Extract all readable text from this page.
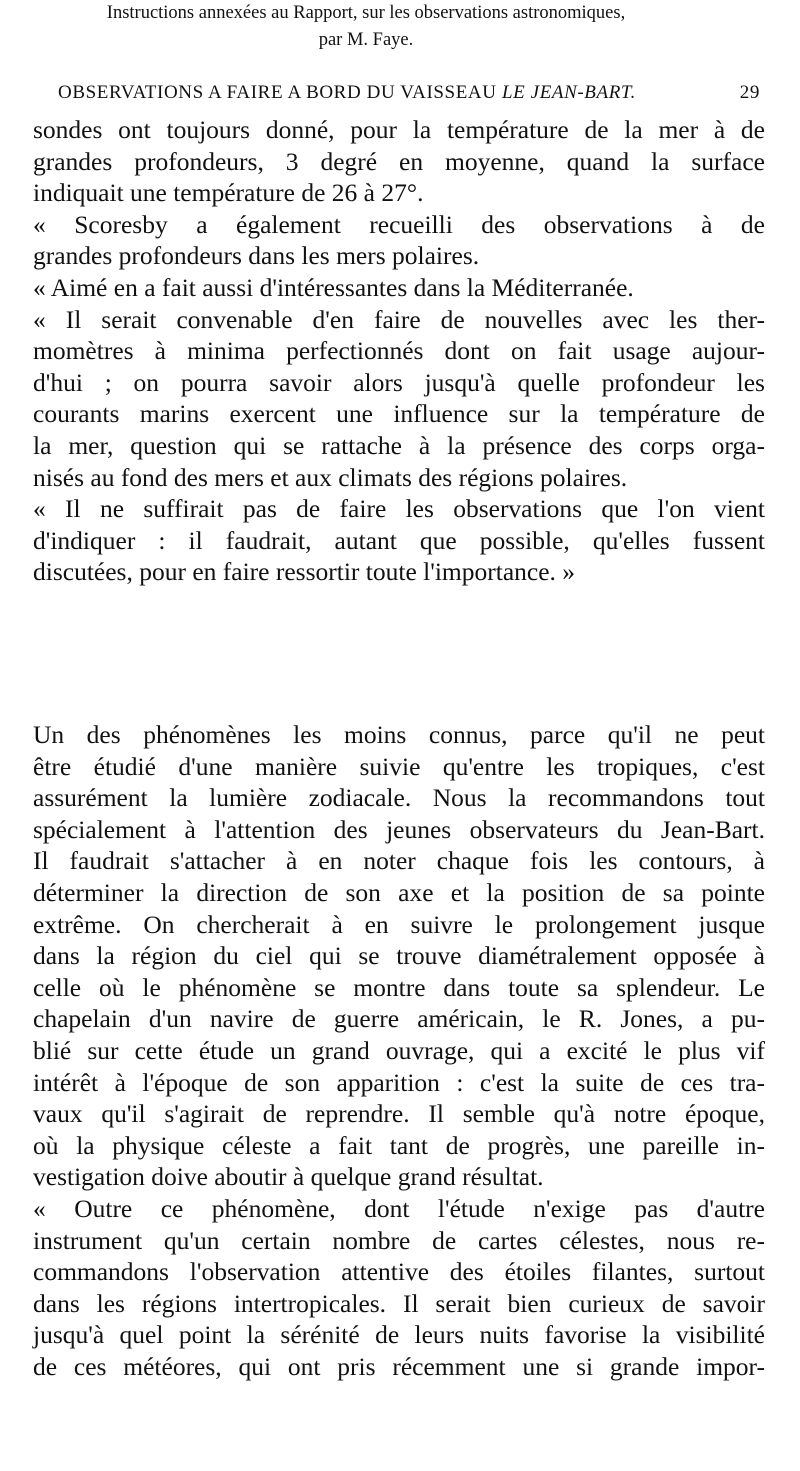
OBSERVATIONS A FAIRE A BORD DU VAISSEAU LE JEAN-BART.	29
sondes ont toujours donné, pour la température de la mer à de
grandes profondeurs, 3 degré en moyenne, quand la surface
indiquait une température de 26 à 27°.
« Scoresby a également recueilli des observations à de
grandes profondeurs dans les mers polaires.
« Aimé en a fait aussi d'intéressantes dans la Méditerranée.
« Il serait convenable d'en faire de nouvelles avec les ther-
momètres à minima perfectionnés dont on fait usage aujour-
d'hui ; on pourra savoir alors jusqu'à quelle profondeur les
courants marins exercent une influence sur la température de
la mer, question qui se rattache à la présence des corps orga-
nisés au fond des mers et aux climats des régions polaires.
« Il ne suffirait pas de faire les observations que l'on vient
d'indiquer : il faudrait, autant que possible, qu'elles fussent
discutées, pour en faire ressortir toute l'importance. »
Instructions annexées au Rapport, sur les observations astronomiques,
par M. Faye.
Un des phénomènes les moins connus, parce qu'il ne peut
être étudié d'une manière suivie qu'entre les tropiques, c'est
assurément la lumière zodiacale. Nous la recommandons tout
spécialement à l'attention des jeunes observateurs du Jean-Bart.
Il faudrait s'attacher à en noter chaque fois les contours, à
déterminer la direction de son axe et la position de sa pointe
extrême. On chercherait à en suivre le prolongement jusque
dans la région du ciel qui se trouve diamétralement opposée à
celle où le phénomène se montre dans toute sa splendeur. Le
chapelain d'un navire de guerre américain, le R. Jones, a pu-
blié sur cette étude un grand ouvrage, qui a excité le plus vif
intérêt à l'époque de son apparition : c'est la suite de ces tra-
vaux qu'il s'agirait de reprendre. Il semble qu'à notre époque,
où la physique céleste a fait tant de progrès, une pareille in-
vestigation doive aboutir à quelque grand résultat.
« Outre ce phénomène, dont l'étude n'exige pas d'autre
instrument qu'un certain nombre de cartes célestes, nous re-
commandons l'observation attentive des étoiles filantes, surtout
dans les régions intertropicales. Il serait bien curieux de savoir
jusqu'à quel point la sérénité de leurs nuits favorise la visibilité
de ces météores, qui ont pris récemment une si grande impor-
